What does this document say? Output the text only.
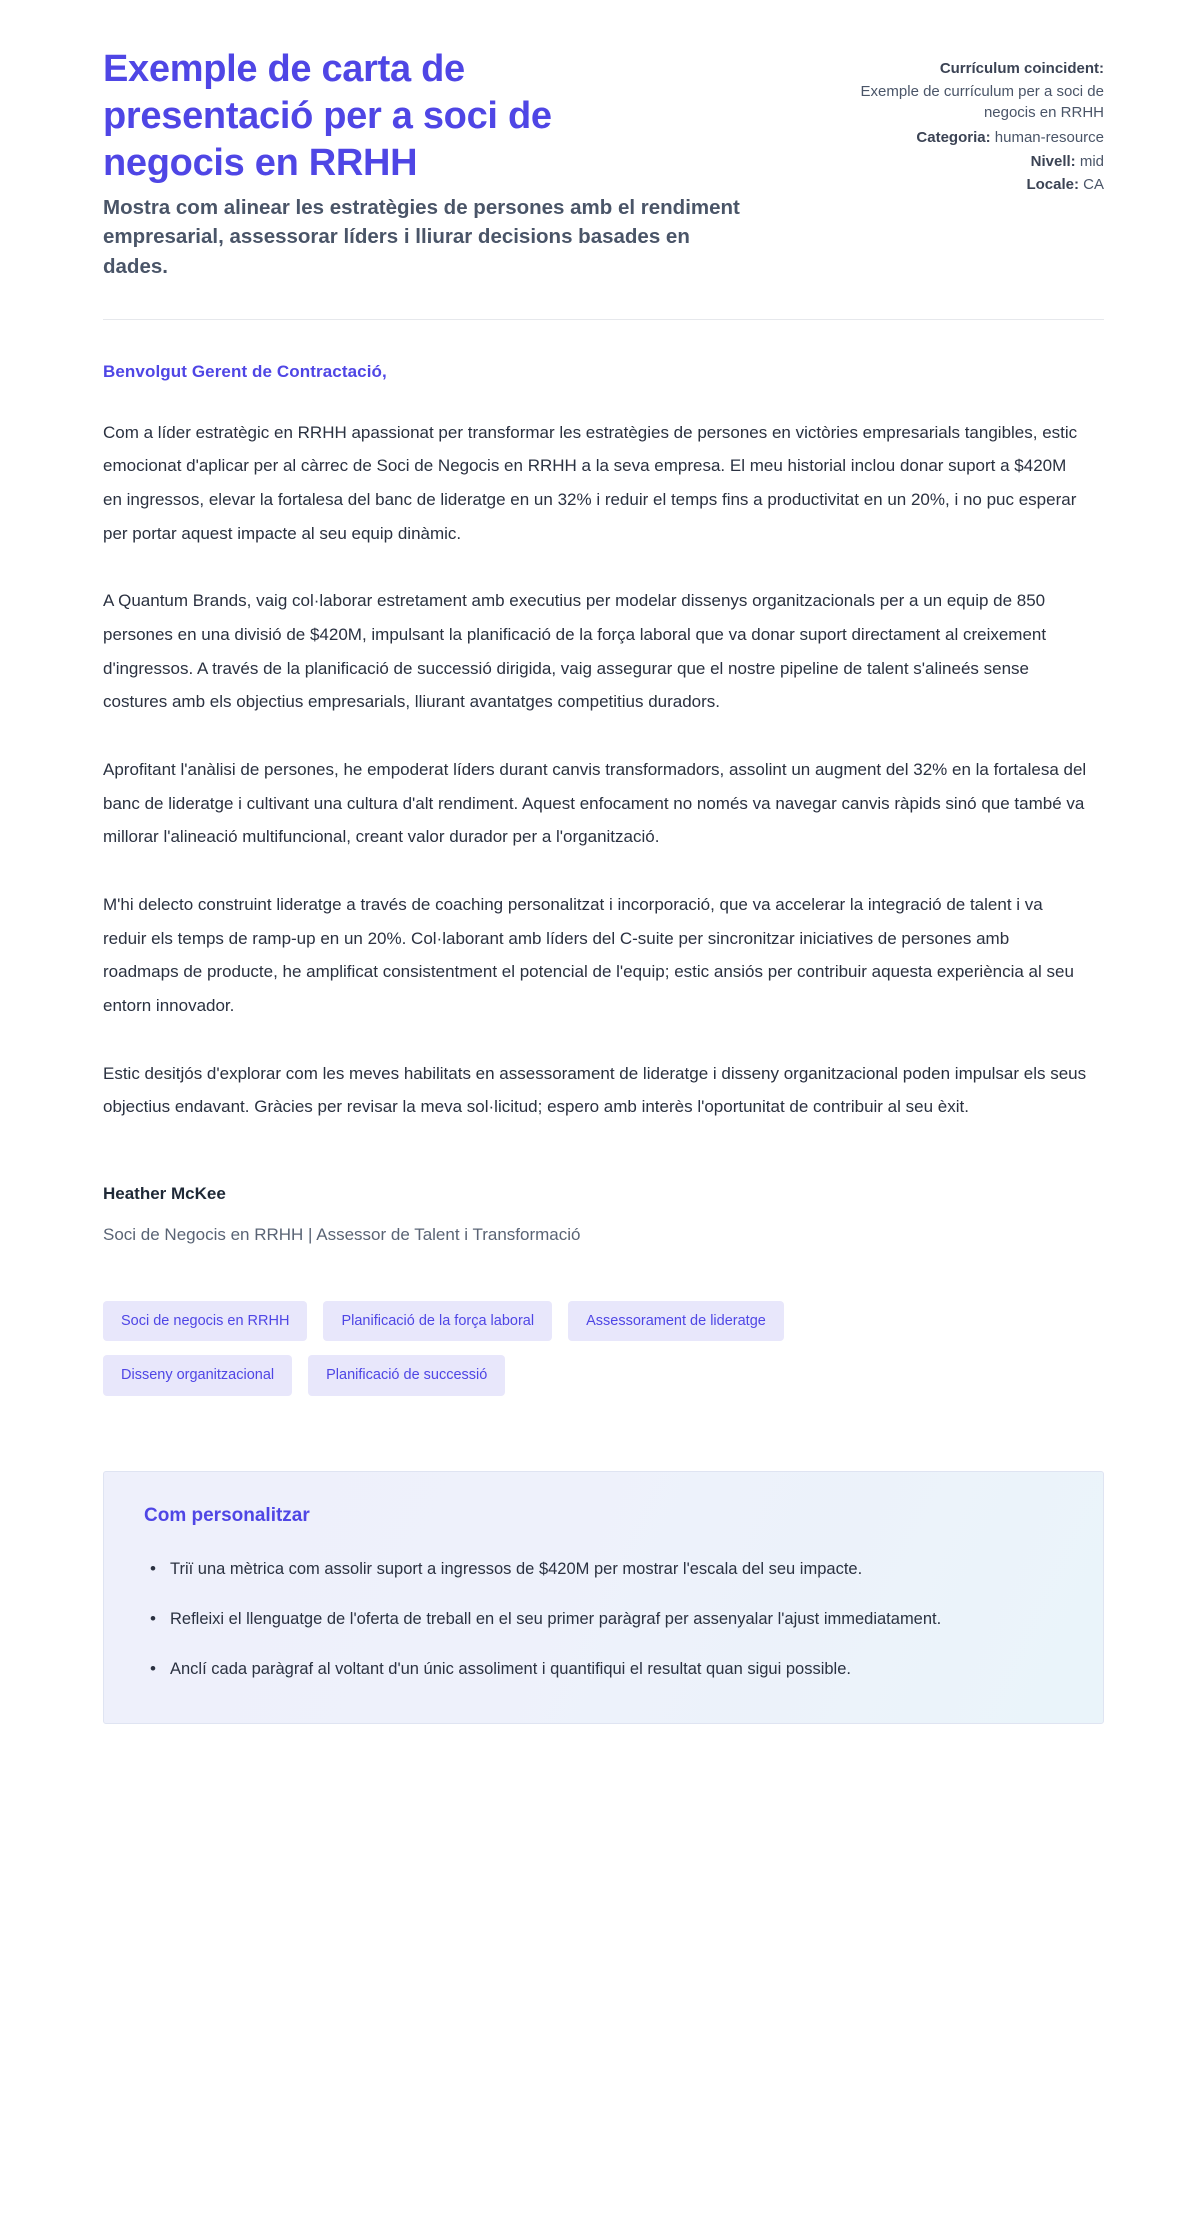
Exemple de carta de presentació per a soci de negocis en RRHH

Mostra com alinear les estratègies de persones amb el rendiment empresarial, assessorar líders i lliurar decisions basades en dades.

Currículum coincident:
Exemple de currículum per a soci de negocis en RRHH
Categoria: human-resource
Nivell: mid
Locale: CA

Benvolgut Gerent de Contractació,

Com a líder estratègic en RRHH apassionat per transformar les estratègies de persones en victòries empresarials tangibles, estic emocionat d'aplicar per al càrrec de Soci de Negocis en RRHH a la seva empresa. El meu historial inclou donar suport a $420M en ingressos, elevar la fortalesa del banc de lideratge en un 32% i reduir el temps fins a productivitat en un 20%, i no puc esperar per portar aquest impacte al seu equip dinàmic.

A Quantum Brands, vaig col·laborar estretament amb executius per modelar dissenys organitzacionals per a un equip de 850 persones en una divisió de $420M, impulsant la planificació de la força laboral que va donar suport directament al creixement d'ingressos. A través de la planificació de successió dirigida, vaig assegurar que el nostre pipeline de talent s'alineés sense costures amb els objectius empresarials, lliurant avantatges competitius duradors.

Aprofitant l'anàlisi de persones, he empoderat líders durant canvis transformadors, assolint un augment del 32% en la fortalesa del banc de lideratge i cultivant una cultura d'alt rendiment. Aquest enfocament no només va navegar canvis ràpids sinó que també va millorar l'alineació multifuncional, creant valor durador per a l'organització.

M'hi delecto construint lideratge a través de coaching personalitzat i incorporació, que va accelerar la integració de talent i va reduir els temps de ramp-up en un 20%. Col·laborant amb líders del C-suite per sincronitzar iniciatives de persones amb roadmaps de producte, he amplificat consistentment el potencial de l'equip; estic ansiós per contribuir aquesta experiència al seu entorn innovador.

Estic desitjós d'explorar com les meves habilitats en assessorament de lideratge i disseny organitzacional poden impulsar els seus objectius endavant. Gràcies per revisar la meva sol·licitud; espero amb interès l'oportunitat de contribuir al seu èxit.

Heather McKee

Soci de Negocis en RRHH | Assessor de Talent i Transformació

Soci de negocis en RRHH	Planificació de la força laboral	Assessorament de lideratge
Disseny organitzacional	Planificació de successió
Com personalitzar
• Triï una mètrica com assolir suport a ingressos de $420M per mostrar l'escala del seu impacte.
• Refleixi el llenguatge de l'oferta de treball en el seu primer paràgraf per assenyalar l'ajust immediatament.
• Anclí cada paràgraf al voltant d'un únic assoliment i quantifiqui el resultat quan sigui possible.
